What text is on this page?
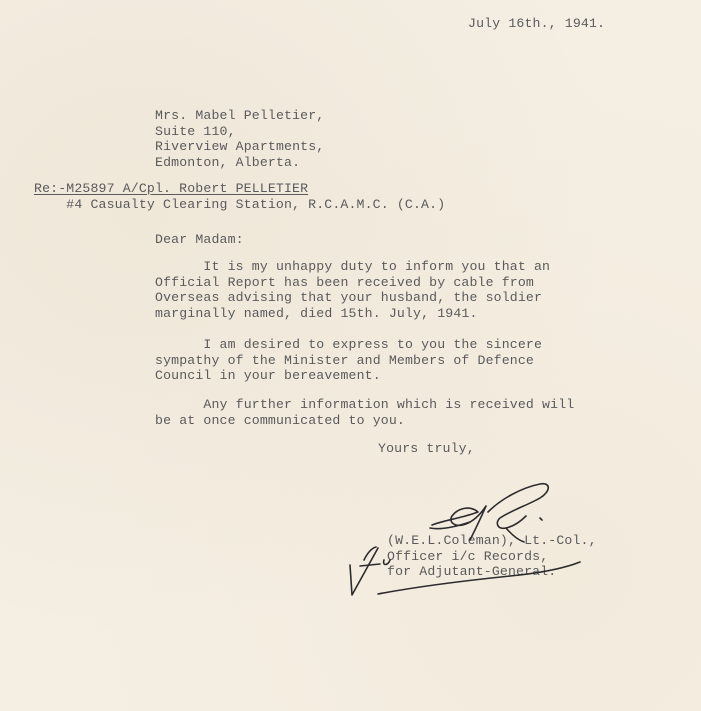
July 16th., 1941.
Mrs. Mabel Pelletier,
Suite 110,
Riverview Apartments,
Edmonton, Alberta.
Re:-M25897 A/Cpl. Robert PELLETIER
#4 Casualty Clearing Station, R.C.A.M.C. (C.A.)
Dear Madam:
It is my unhappy duty to inform you that an
Official Report has been received by cable from
Overseas advising that your husband, the soldier
marginally named, died 15th. July, 1941.
I am desired to express to you the sincere
sympathy of the Minister and Members of Defence
Council in your bereavement.
Any further information which is received will
be at once communicated to you.
Yours truly,
(W.E.L.Coleman), Lt.-Col.,
Officer i/c Records,
for Adjutant-General.
